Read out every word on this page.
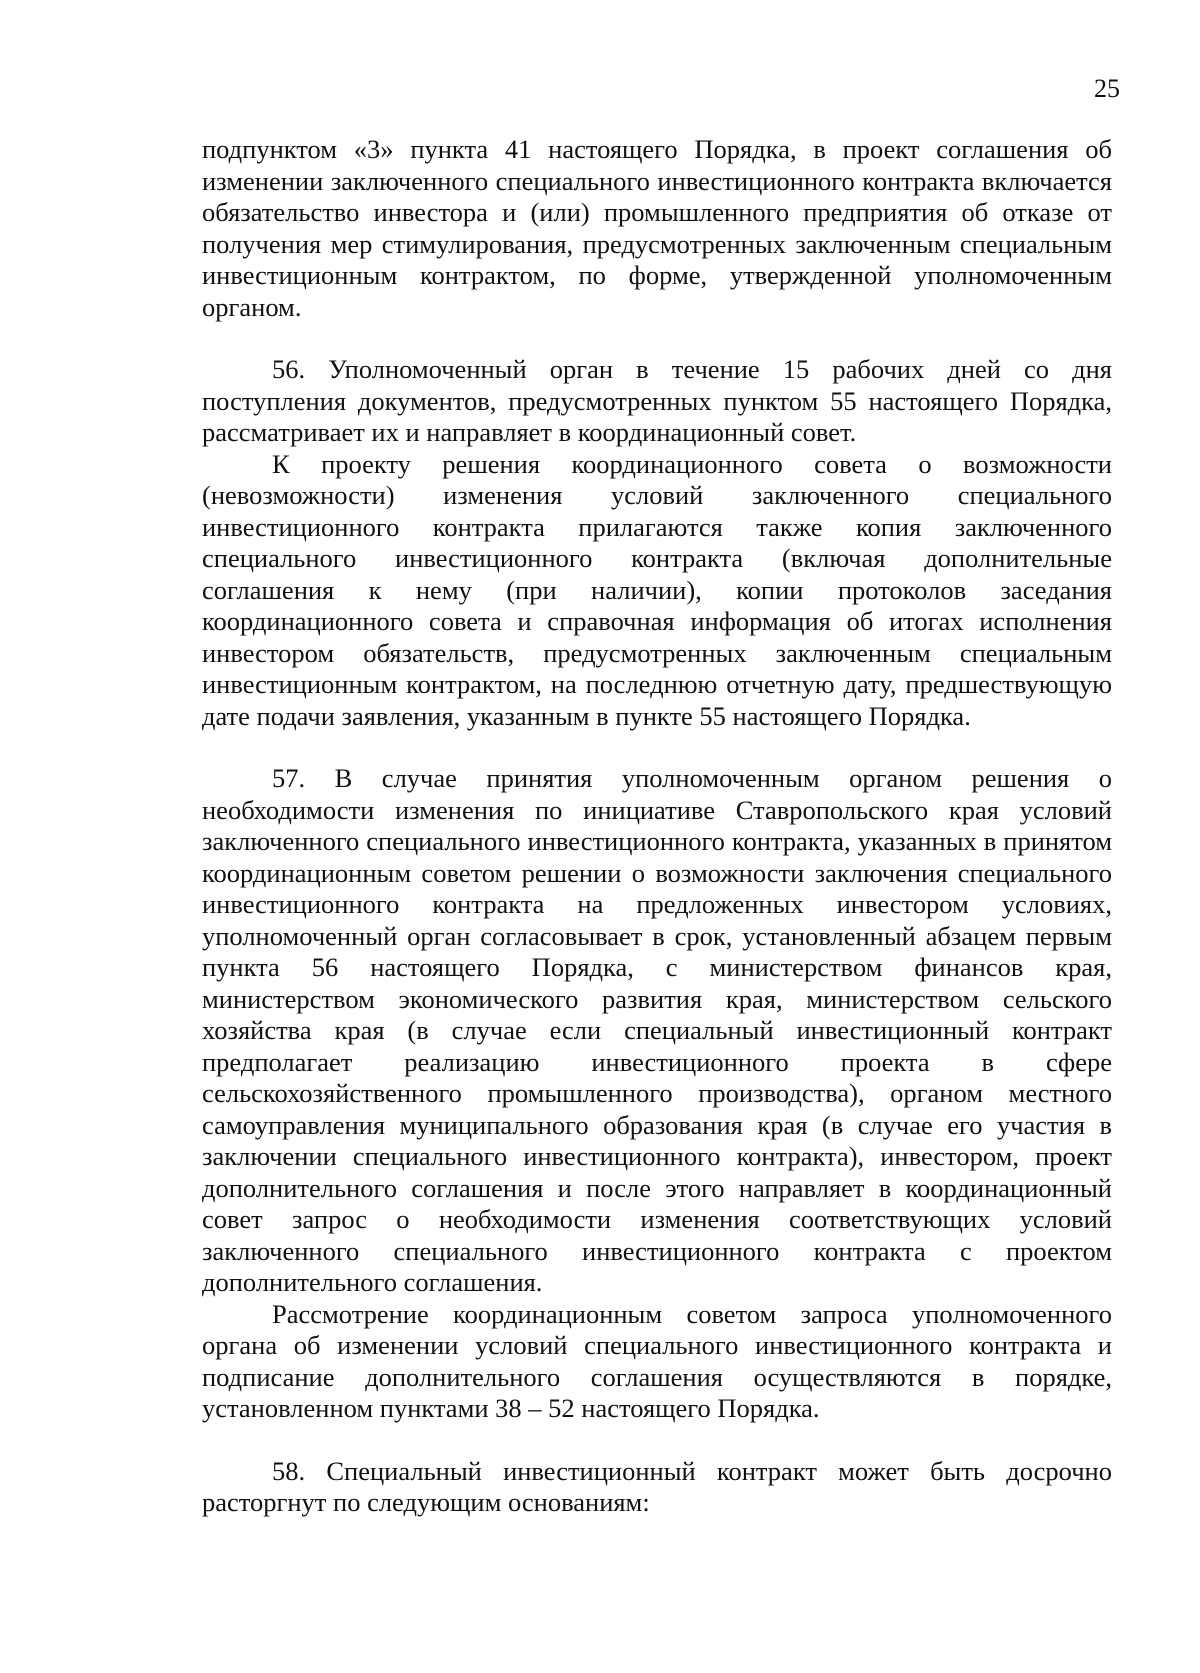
25

подпунктом «3» пункта 41 настоящего Порядка, в проект соглашения об изменении заключенного специального инвестиционного контракта включается обязательство инвестора и (или) промышленного предприятия об отказе от получения мер стимулирования, предусмотренных заключенным специальным инвестиционным контрактом, по форме, утвержденной уполномоченным органом.

56. Уполномоченный орган в течение 15 рабочих дней со дня поступления документов, предусмотренных пунктом 55 настоящего Порядка, рассматривает их и направляет в координационный совет.

К проекту решения координационного совета о возможности (невозможности) изменения условий заключенного специального инвестиционного контракта прилагаются также копия заключенного специального инвестиционного контракта (включая дополнительные соглашения к нему (при наличии), копии протоколов заседания координационного совета и справочная информация об итогах исполнения инвестором обязательств, предусмотренных заключенным специальным инвестиционным контрактом, на последнюю отчетную дату, предшествующую дате подачи заявления, указанным в пункте 55 настоящего Порядка.

57. В случае принятия уполномоченным органом решения о необходимости изменения по инициативе Ставропольского края условий заключенного специального инвестиционного контракта, указанных в принятом координационным советом решении о возможности заключения специального инвестиционного контракта на предложенных инвестором условиях, уполномоченный орган согласовывает в срок, установленный абзацем первым пункта 56 настоящего Порядка, с министерством финансов края, министерством экономического развития края, министерством сельского хозяйства края (в случае если специальный инвестиционный контракт предполагает реализацию инвестиционного проекта в сфере сельскохозяйственного промышленного производства), органом местного самоуправления муниципального образования края (в случае его участия в заключении специального инвестиционного контракта), инвестором, проект дополнительного соглашения и после этого направляет в координационный совет запрос о необходимости изменения соответствующих условий заключенного специального инвестиционного контракта с проектом дополнительного соглашения.

Рассмотрение координационным советом запроса уполномоченного органа об изменении условий специального инвестиционного контракта и подписание дополнительного соглашения осуществляются в порядке, установленном пунктами 38 – 52 настоящего Порядка.

58. Специальный инвестиционный контракт может быть досрочно расторгнут по следующим основаниям:
